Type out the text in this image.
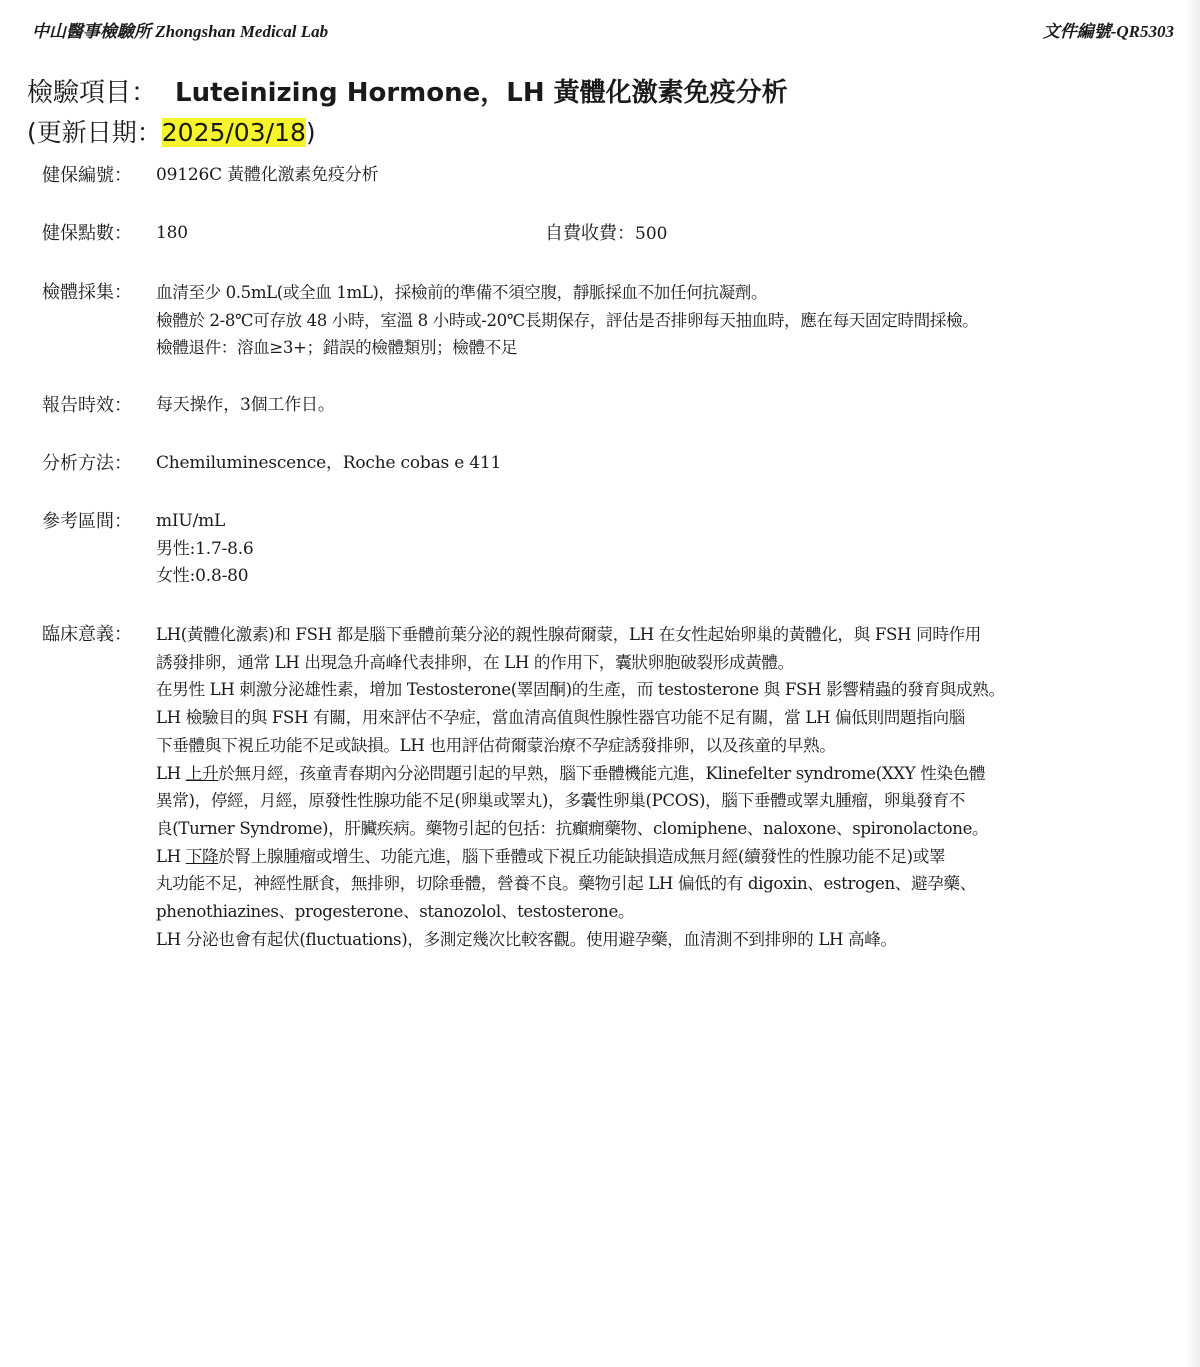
中山醫事檢驗所 Zhongshan Medical Lab	文件編號-QR5303
檢驗項目： Luteinizing Hormone，LH 黃體化激素免疫分析
(更新日期：2025/03/18)
健保編號：	09126C 黃體化激素免疫分析
健保點數：	180	自費收費：500
檢體採集：	血清至少 0.5mL(或全血 1mL)，採檢前的準備不須空腹，靜脈採血不加任何抗凝劑。
檢體於 2-8℃可存放 48 小時，室溫 8 小時或-20℃長期保存，評估是否排卵每天抽血時，應在每天固定時間採檢。
檢體退件：溶血≥3+；錯誤的檢體類別；檢體不足
報告時效：	每天操作，3個工作日。
分析方法：	Chemiluminescence，Roche cobas e 411
參考區間：	mIU/mL
男性:1.7-8.6
女性:0.8-80
臨床意義：	LH(黃體化激素)和 FSH 都是腦下垂體前葉分泌的親性腺荷爾蒙，LH 在女性起始卵巢的黃體化，與 FSH 同時作用
誘發排卵，通常 LH 出現急升高峰代表排卵，在 LH 的作用下，囊狀卵胞破裂形成黃體。
在男性 LH 刺激分泌雄性素，增加 Testosterone(睪固酮)的生產，而 testosterone 與 FSH 影響精蟲的發育與成熟。
LH 檢驗目的與 FSH 有關，用來評估不孕症，當血清高值與性腺性器官功能不足有關，當 LH 偏低則問題指向腦
下垂體與下視丘功能不足或缺損。LH 也用評估荷爾蒙治療不孕症誘發排卵，以及孩童的早熟。
LH 上升於無月經，孩童青春期內分泌問題引起的早熟，腦下垂體機能亢進，Klinefelter syndrome(XXY 性染色體
異常)，停經，月經，原發性性腺功能不足(卵巢或睪丸)，多囊性卵巢(PCOS)，腦下垂體或睪丸腫瘤，卵巢發育不
良(Turner Syndrome)，肝臟疾病。藥物引起的包括：抗癲癇藥物、clomiphene、naloxone、spironolactone。
LH 下降於腎上腺腫瘤或增生、功能亢進，腦下垂體或下視丘功能缺損造成無月經(續發性的性腺功能不足)或睪
丸功能不足，神經性厭食，無排卵，切除垂體，營養不良。藥物引起 LH 偏低的有 digoxin、estrogen、避孕藥、
phenothiazines、progesterone、stanozolol、testosterone。
LH 分泌也會有起伏(fluctuations)，多測定幾次比較客觀。使用避孕藥，血清測不到排卵的 LH 高峰。
